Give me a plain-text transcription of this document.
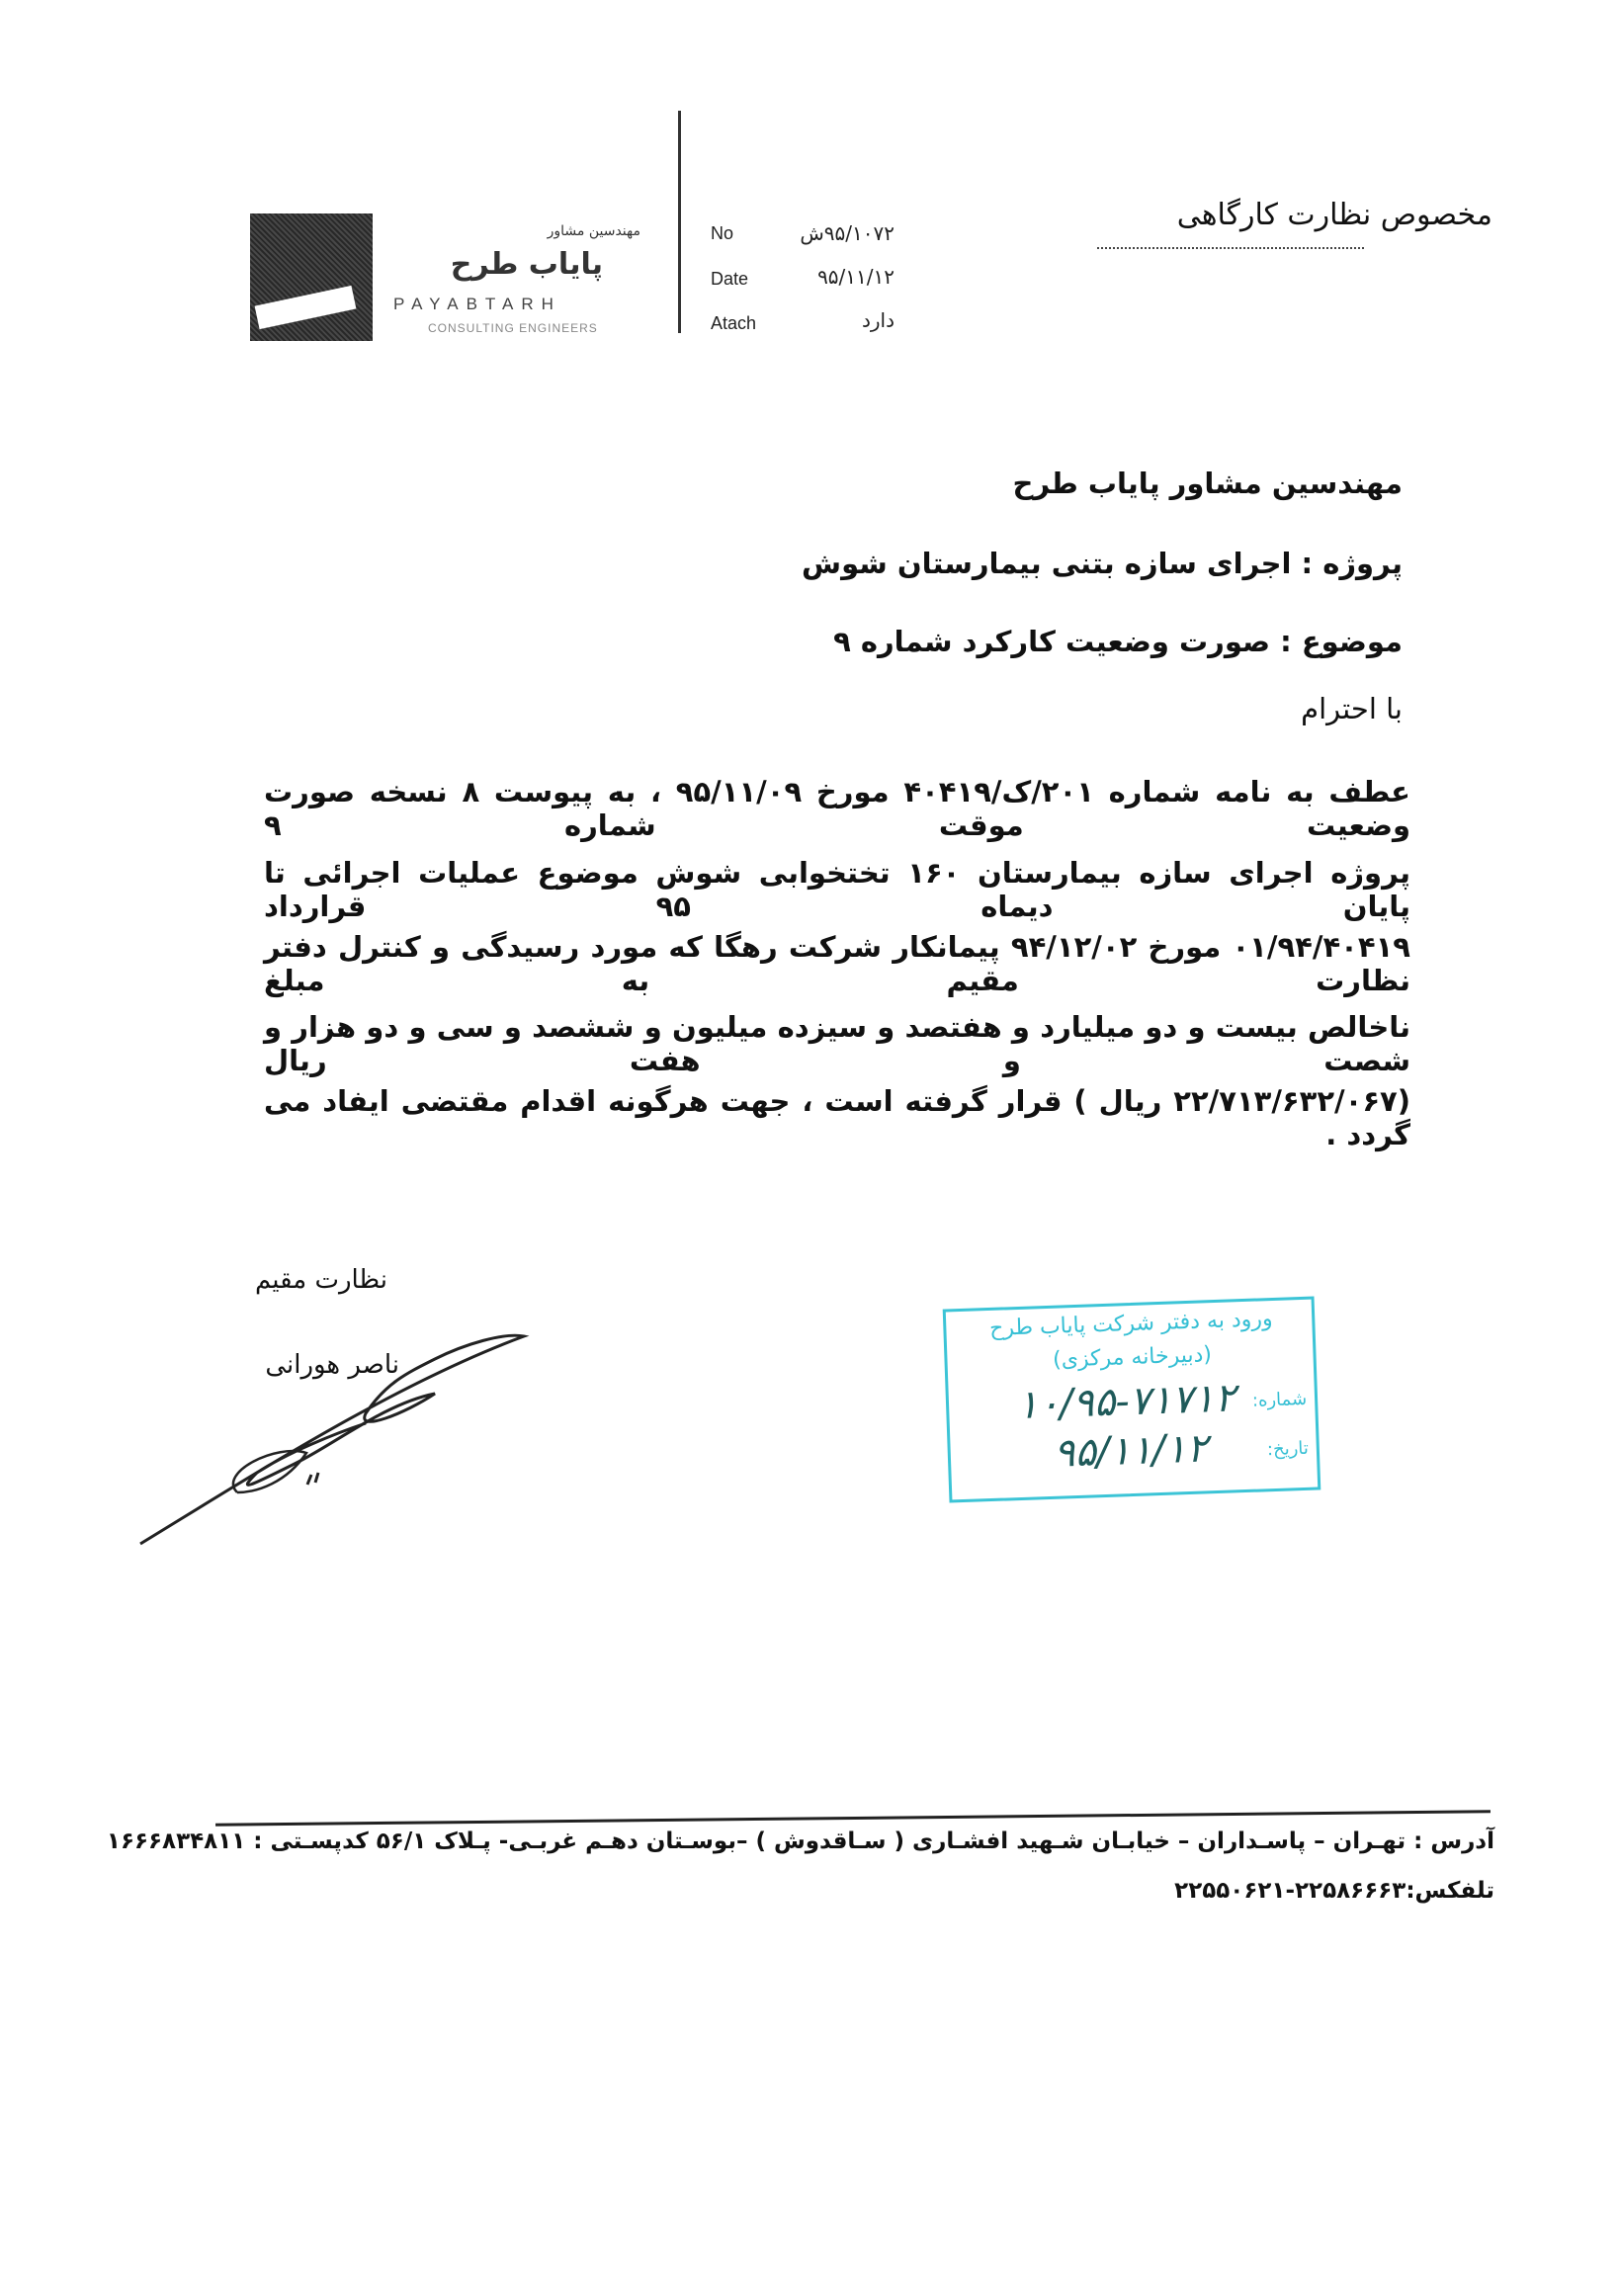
مخصوص نظارت کارگاهی
مهندسین مشاور
پایاب طرح
PAYABTARH
CONSULTING ENGINEERS
No	۹۵/۱۰۷۲ش
Date	۹۵/۱۱/۱۲
Atach	دارد
مهندسین مشاور پایاب طرح
پروژه : اجرای سازه بتنی بیمارستان شوش
موضوع : صورت وضعیت کارکرد شماره ۹
با احترام
عطف به نامه شماره ۲۰۱/ک/۴۰۴۱۹ مورخ ۹۵/۱۱/۰۹ ، به پیوست ۸ نسخه صورت وضعیت موقت شماره ۹
پروژه اجرای سازه بیمارستان ۱۶۰ تختخوابی شوش موضوع عملیات اجرائی تا پایان دیماه ۹۵ قرارداد
۰۱/۹۴/۴۰۴۱۹ مورخ ۹۴/۱۲/۰۲ پیمانکار شرکت رهگا که مورد رسیدگی و کنترل دفتر نظارت مقیم به مبلغ
ناخالص بیست و دو میلیارد و هفتصد و سیزده میلیون و ششصد و سی و دو هزار و شصت و هفت ریال
(۲۲/۷۱۳/۶۳۲/۰۶۷ ریال ) قرار گرفته است ، جهت هرگونه اقدام مقتضی ایفاد می گردد .
نظارت مقیم
ناصر هورانی
ورود به دفتر شرکت پایاب طرح
(دبیرخانه مرکزی)
شماره:
۱۰/۹۵-۷۱۷۱۲
تاریخ:
۹۵/۱۱/۱۲
آدرس : تهـران – پاسـداران – خیابـان شـهید افشـاری ( سـاقدوش ) –بوسـتان دهـم غربـی- پـلاک ۵۶/۱ کدپسـتی : ۱۶۶۶۸۳۴۸۱۱
تلفکس:۲۲۵۸۶۶۶۳-۲۲۵۵۰۶۲۱
